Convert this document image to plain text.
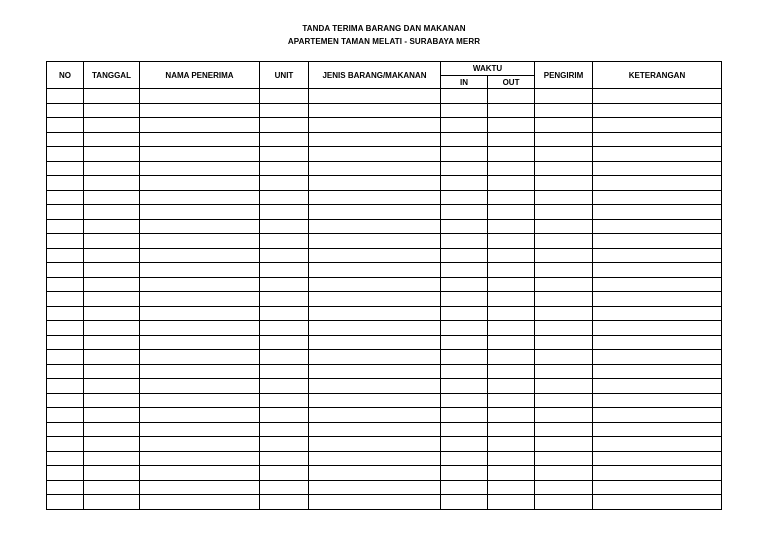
TANDA TERIMA BARANG DAN MAKANAN
APARTEMEN TAMAN MELATI - SURABAYA MERR
NO	TANGGAL	NAMA PENERIMA	UNIT	JENIS BARANG/MAKANAN	WAKTU		PENGIRIM	KETERANGAN
					IN	OUT		
